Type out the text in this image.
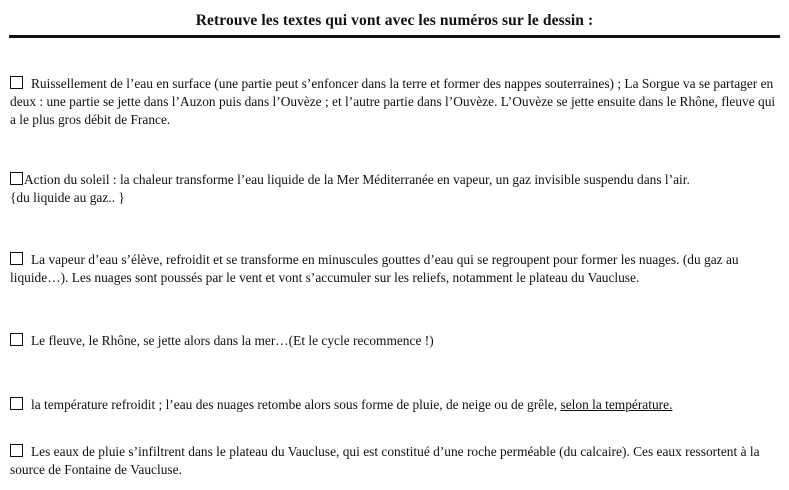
Retrouve les textes qui vont avec les numéros sur le dessin :
Ruissellement de l’eau en surface (une partie peut s’enfoncer dans la terre et former des nappes souterraines) ; La Sorgue va se partager en deux : une partie se jette dans l’Auzon puis dans l’Ouvèze ; et l’autre partie dans l’Ouvèze. L’Ouvèze se jette ensuite dans le Rhône, fleuve qui a le plus gros débit de France.
Action du soleil : la chaleur transforme l’eau liquide de la Mer Méditerranée en vapeur, un gaz invisible suspendu dans l’air.
{du liquide au gaz.. }
La vapeur d’eau s’élève, refroidit et se transforme en minuscules gouttes d’eau qui se regroupent pour former les nuages. (du gaz au liquide…). Les nuages sont poussés par le vent et vont s’accumuler sur les reliefs, notamment le plateau du Vaucluse.
Le fleuve, le Rhône, se jette alors dans la mer…(Et le cycle recommence !)
la température refroidit ; l’eau des nuages retombe alors sous forme de pluie, de neige ou de grêle, selon la température.
Les eaux de pluie s’infiltrent dans le plateau du Vaucluse, qui est constitué d’une roche perméable (du calcaire). Ces eaux ressortent à la source de Fontaine de Vaucluse.
